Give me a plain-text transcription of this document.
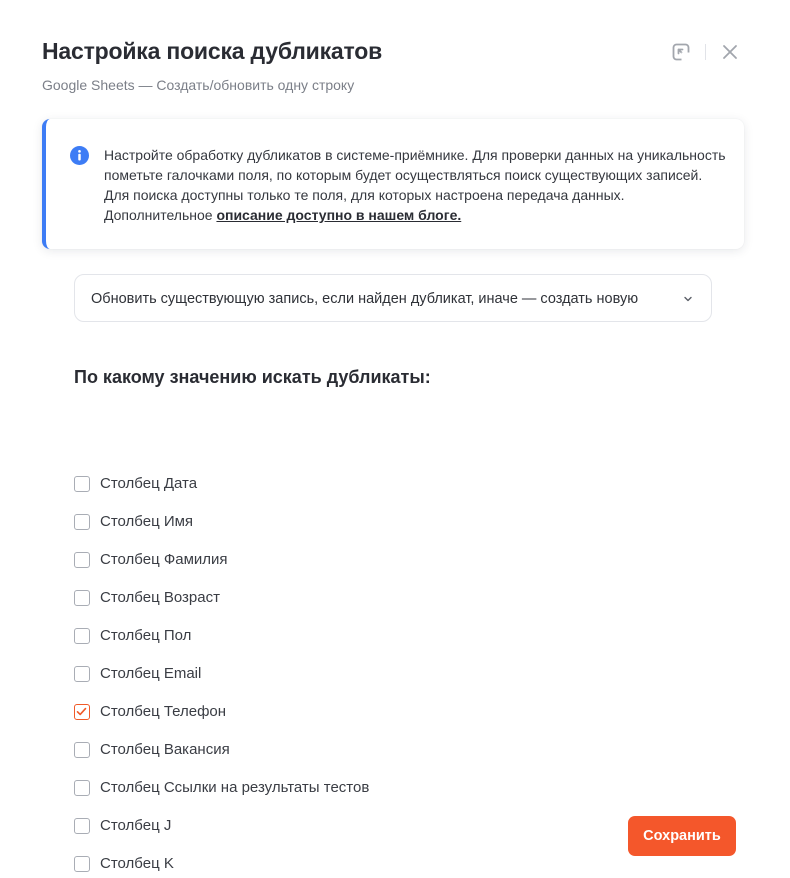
Настройка поиска дубликатов
Google Sheets — Создать/обновить одну строку

Настройте обработку дубликатов в системе-приёмнике. Для проверки данных на уникальность пометьте галочками поля, по которым будет осуществляться поиск существующих записей. Для поиска доступны только те поля, для которых настроена передача данных. Дополнительное описание доступно в нашем блоге.

Обновить существующую запись, если найден дубликат, иначе — создать новую
По какому значению искать дубликаты:
Столбец Дата
Столбец Имя
Столбец Фамилия
Столбец Возраст
Столбец Пол
Столбец Email
Столбец Телефон
Столбец Вакансия
Столбец Ссылки на результаты тестов
Столбец J
Столбец K
Сохранить
